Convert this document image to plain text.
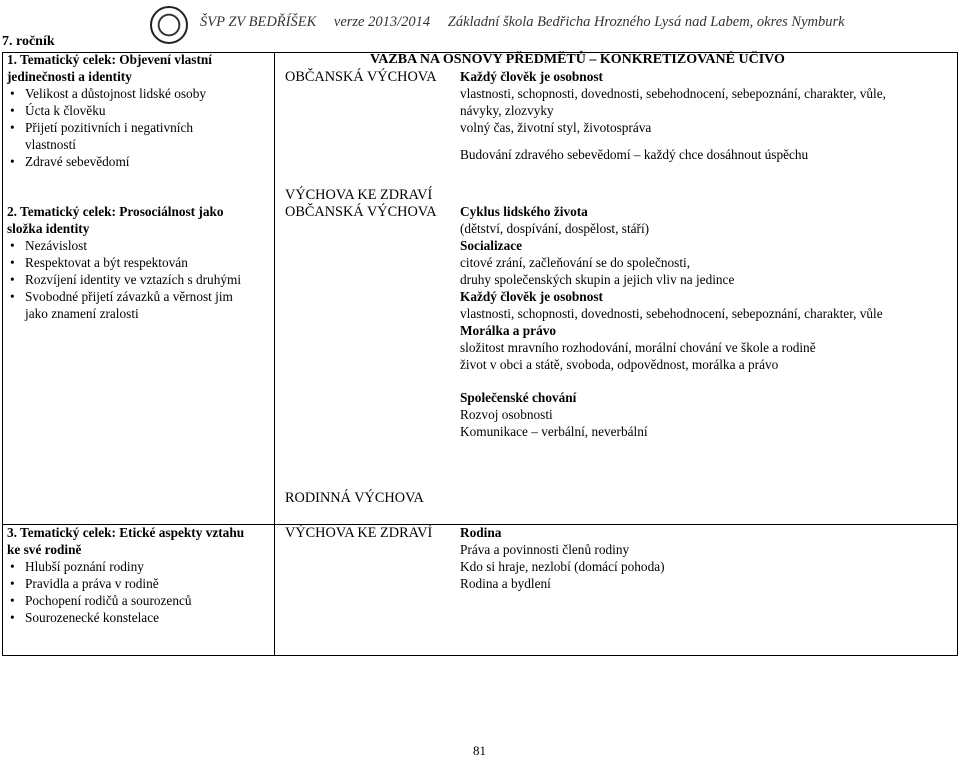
ŠVP ZV BEDŘÍŠEK verze 2013/2014 Základní škola Bedřicha Hrozného Lysá nad Labem, okres Nymburk
7. ročník
1. Tematický celek: Objevení vlastní
jedinečnosti a identity
VAZBA NA OSNOVY PŘEDMĚTŮ – KONKRETIZOVANÉ UČIVO
• Velikost a důstojnost lidské osoby
• Úcta k člověku
• Přijetí pozitivních i negativních
vlastností
• Zdravé sebevědomí
OBČANSKÁ VÝCHOVA Každý člověk je osobnost
vlastnosti, schopnosti, dovednosti, sebehodnocení, sebepoznání, charakter, vůle,
návyky, zlozvyky
volný čas, životní styl, životospráva
Budování zdravého sebevědomí – každý chce dosáhnout úspěchu
VÝCHOVA KE ZDRAVÍ
2. Tematický celek: Prosociálnost jako
složka identity
• Nezávislost
• Respektovat a být respektován
• Rozvíjení identity ve vztazích s druhými
• Svobodné přijetí závazků a věrnost jim
jako znamení zralosti
OBČANSKÁ VÝCHOVA Cyklus lidského života
(dětství, dospívání, dospělost, stáří)
Socializace
citové zrání, začleňování se do společnosti,
druhy společenských skupin a jejich vliv na jedince
Každý člověk je osobnost
vlastnosti, schopnosti, dovednosti, sebehodnocení, sebepoznání, charakter, vůle
Morálka a právo
složitost mravního rozhodování, morální chování ve škole a rodině
život v obci a státě, svoboda, odpovědnost, morálka a právo
Společenské chování
Rozvoj osobnosti
Komunikace – verbální, neverbální
RODINNÁ VÝCHOVA
3. Tematický celek: Etické aspekty vztahu
ke své rodině
• Hlubší poznání rodiny
• Pravidla a práva v rodině
• Pochopení rodičů a sourozenců
• Sourozenecké konstelace
VÝCHOVA KE ZDRAVÍ Rodina
Práva a povinnosti členů rodiny
Kdo si hraje, nezlobí (domácí pohoda)
Rodina a bydlení
81
